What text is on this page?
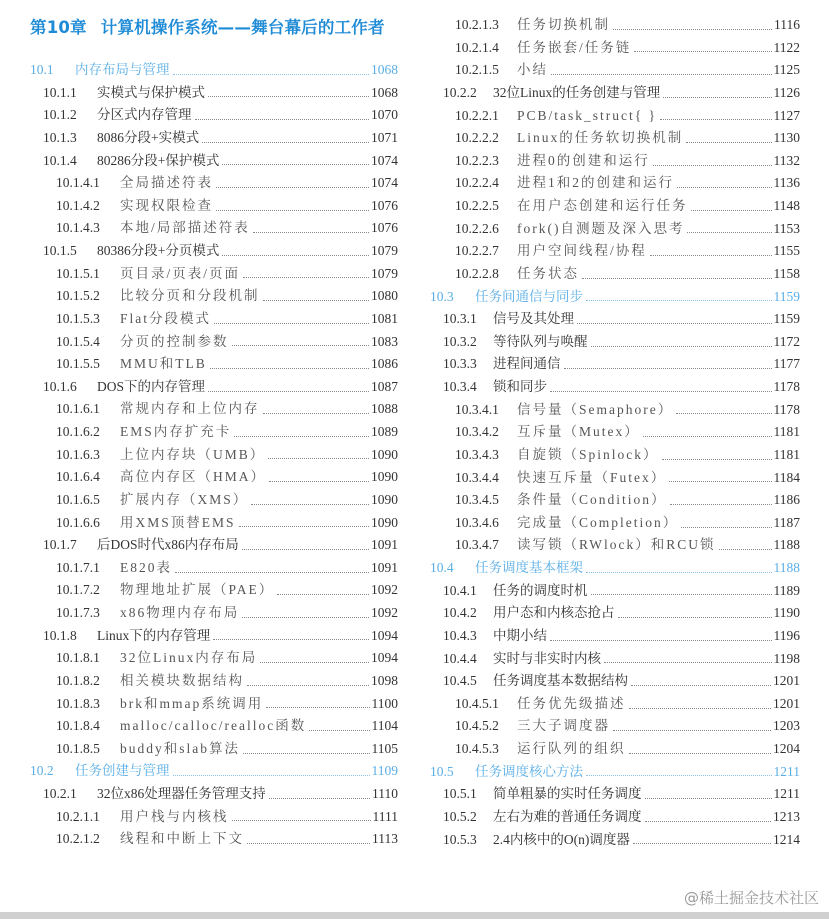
第10章 计算机操作系统——舞台幕后的工作者
10.1	内存布局与管理	1068
10.1.1	实模式与保护模式	1068
10.1.2	分区式内存管理	1070
10.1.3	8086分段+实模式	1071
10.1.4	80286分段+保护模式	1074
10.1.4.1	全局描述符表	1074
10.1.4.2	实现权限检查	1076
10.1.4.3	本地/局部描述符表	1076
10.1.5	80386分段+分页模式	1079
10.1.5.1	页目录/页表/页面	1079
10.1.5.2	比较分页和分段机制	1080
10.1.5.3	Flat分段模式	1081
10.1.5.4	分页的控制参数	1083
10.1.5.5	MMU和TLB	1086
10.1.6	DOS下的内存管理	1087
10.1.6.1	常规内存和上位内存	1088
10.1.6.2	EMS内存扩充卡	1089
10.1.6.3	上位内存块（UMB）	1090
10.1.6.4	高位内存区（HMA）	1090
10.1.6.5	扩展内存（XMS）	1090
10.1.6.6	用XMS顶替EMS	1090
10.1.7	后DOS时代x86内存布局	1091
10.1.7.1	E820表	1091
10.1.7.2	物理地址扩展（PAE）	1092
10.1.7.3	x86物理内存布局	1092
10.1.8	Linux下的内存管理	1094
10.1.8.1	32位Linux内存布局	1094
10.1.8.2	相关模块数据结构	1098
10.1.8.3	brk和mmap系统调用	1100
10.1.8.4	malloc/calloc/realloc函数	1104
10.1.8.5	buddy和slab算法	1105
10.2	任务创建与管理	1109
10.2.1	32位x86处理器任务管理支持	1110
10.2.1.1	用户栈与内核栈	1111
10.2.1.2	线程和中断上下文	1113
10.2.1.3	任务切换机制	1116
10.2.1.4	任务嵌套/任务链	1122
10.2.1.5	小结	1125
10.2.2	32位Linux的任务创建与管理	1126
10.2.2.1	PCB/task_struct{ }	1127
10.2.2.2	Linux的任务软切换机制	1130
10.2.2.3	进程0的创建和运行	1132
10.2.2.4	进程1和2的创建和运行	1136
10.2.2.5	在用户态创建和运行任务	1148
10.2.2.6	fork()自测题及深入思考	1153
10.2.2.7	用户空间线程/协程	1155
10.2.2.8	任务状态	1158
10.3	任务间通信与同步	1159
10.3.1	信号及其处理	1159
10.3.2	等待队列与唤醒	1172
10.3.3	进程间通信	1177
10.3.4	锁和同步	1178
10.3.4.1	信号量（Semaphore）	1178
10.3.4.2	互斥量（Mutex）	1181
10.3.4.3	自旋锁（Spinlock）	1181
10.3.4.4	快速互斥量（Futex）	1184
10.3.4.5	条件量（Condition）	1186
10.3.4.6	完成量（Completion）	1187
10.3.4.7	读写锁（RWlock）和RCU锁	1188
10.4	任务调度基本框架	1188
10.4.1	任务的调度时机	1189
10.4.2	用户态和内核态抢占	1190
10.4.3	中期小结	1196
10.4.4	实时与非实时内核	1198
10.4.5	任务调度基本数据结构	1201
10.4.5.1	任务优先级描述	1201
10.4.5.2	三大子调度器	1203
10.4.5.3	运行队列的组织	1204
10.5	任务调度核心方法	1211
10.5.1	简单粗暴的实时任务调度	1211
10.5.2	左右为难的普通任务调度	1213
10.5.3	2.4内核中的O(n)调度器	1214
@稀土掘金技术社区
